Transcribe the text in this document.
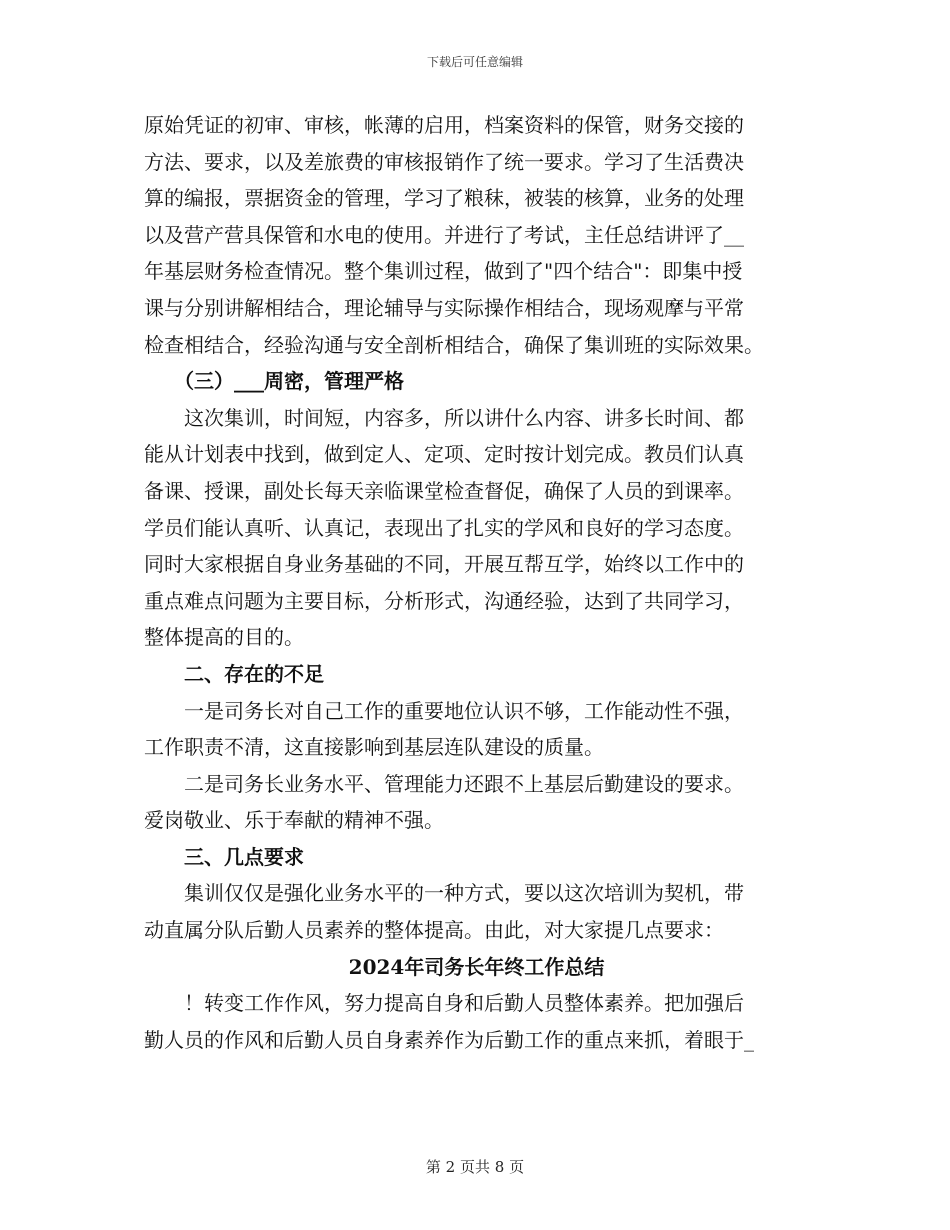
下载后可任意编辑

原始凭证的初审、审核，帐薄的启用，档案资料的保管，财务交接的

方法、要求，以及差旅费的审核报销作了统一要求。学习了生活费决

算的编报，票据资金的管理，学习了粮秣，被装的核算，业务的处理

以及营产营具保管和水电的使用。并进行了考试，主任总结讲评了__

年基层财务检查情况。整个集训过程，做到了"四个结合"：即集中授

课与分别讲解相结合，理论辅导与实际操作相结合，现场观摩与平常

检查相结合，经验沟通与安全剖析相结合，确保了集训班的实际效果。

（三）___周密，管理严格

这次集训，时间短，内容多，所以讲什么内容、讲多长时间、都

能从计划表中找到，做到定人、定项、定时按计划完成。教员们认真

备课、授课，副处长每天亲临课堂检查督促，确保了人员的到课率。

学员们能认真听、认真记，表现出了扎实的学风和良好的学习态度。

同时大家根据自身业务基础的不同，开展互帮互学，始终以工作中的

重点难点问题为主要目标，分析形式，沟通经验，达到了共同学习，

整体提高的目的。

二、存在的不足

一是司务长对自己工作的重要地位认识不够，工作能动性不强，

工作职责不清，这直接影响到基层连队建设的质量。

二是司务长业务水平、管理能力还跟不上基层后勤建设的要求。

爱岗敬业、乐于奉献的精神不强。

三、几点要求

集训仅仅是强化业务水平的一种方式，要以这次培训为契机，带

动直属分队后勤人员素养的整体提高。由此，对大家提几点要求：

2024年司务长年终工作总结

！转变工作作风，努力提高自身和后勤人员整体素养。把加强后

勤人员的作风和后勤人员自身素养作为后勤工作的重点来抓，着眼于_

第 2 页共 8 页
